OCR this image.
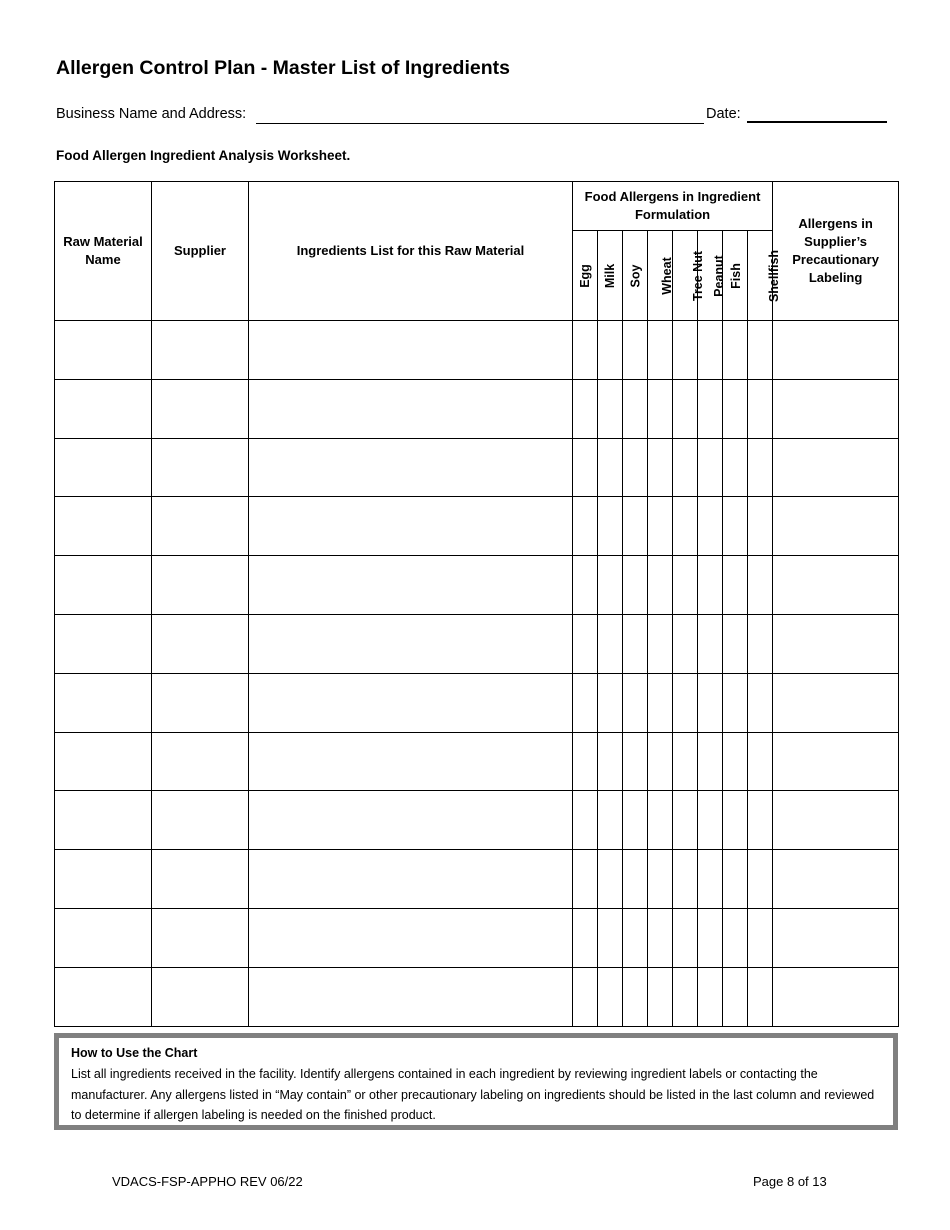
Allergen Control Plan - Master List of Ingredients
Business Name and Address:	Date:
Food Allergen Ingredient Analysis Worksheet.
Raw Material Name	Supplier	Ingredients List for this Raw Material	Food Allergens in Ingredient Formulation								Allergens in Supplier’s Precautionary Labeling
			Egg	Milk	Soy	Wheat	Tree Nut	Peanut	Fish	Shellfish	

How to Use the Chart
List all ingredients received in the facility. Identify allergens contained in each ingredient by reviewing ingredient labels or contacting the manufacturer. Any allergens listed in “May contain” or other precautionary labeling on ingredients should be listed in the last column and reviewed to determine if allergen labeling is needed on the finished product.
VDACS-FSP-APPHO REV 06/22	Page 8 of 13
